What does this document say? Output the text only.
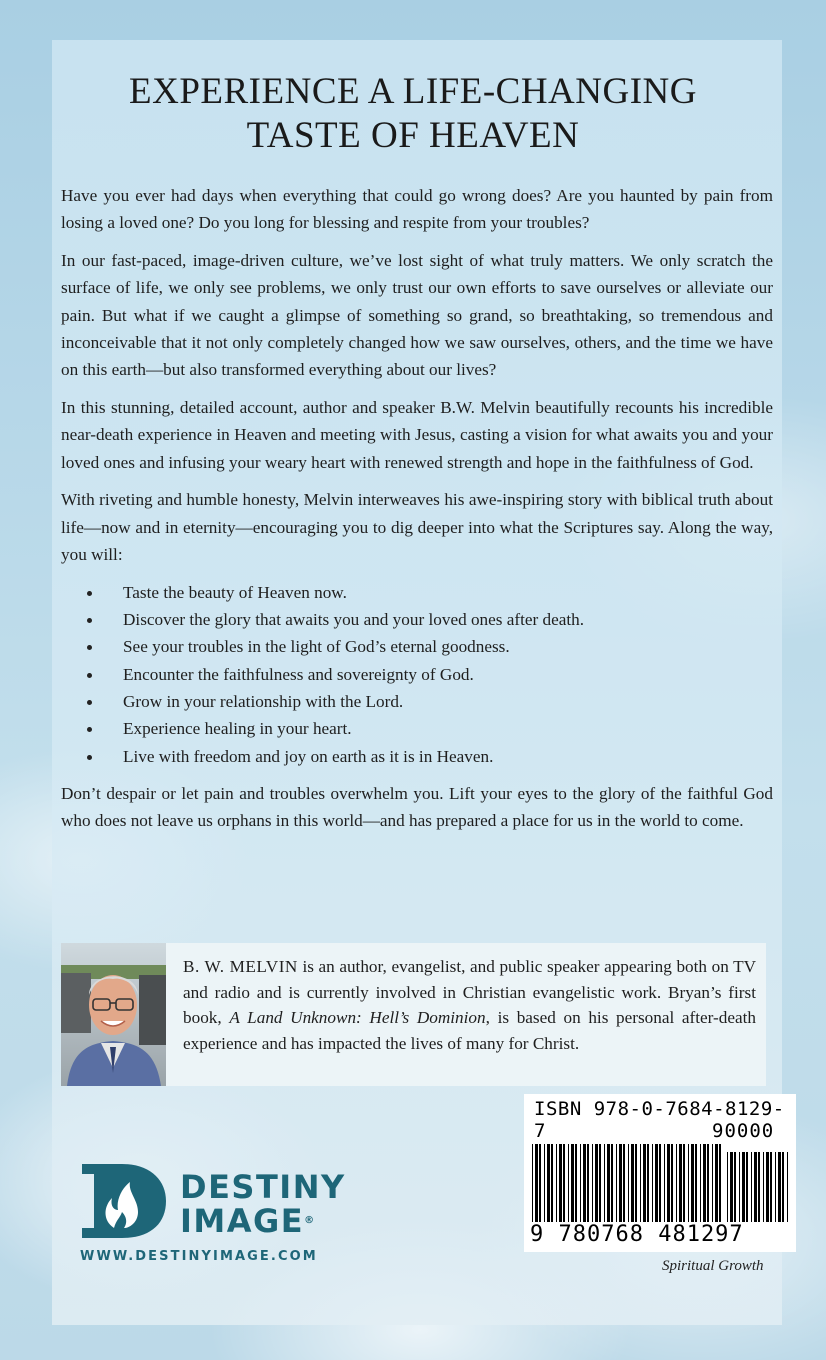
EXPERIENCE A LIFE-CHANGING
TASTE OF HEAVEN

Have you ever had days when everything that could go wrong does? Are you haunted by pain from losing a loved one? Do you long for blessing and respite from your troubles?

In our fast-paced, image-driven culture, we’ve lost sight of what truly matters. We only scratch the surface of life, we only see problems, we only trust our own efforts to save ourselves or alleviate our pain. But what if we caught a glimpse of something so grand, so breathtaking, so tremendous and inconceivable that it not only completely changed how we saw ourselves, others, and the time we have on this earth—but also transformed everything about our lives?

In this stunning, detailed account, author and speaker B.W. Melvin beautifully recounts his incredible near-death experience in Heaven and meeting with Jesus, casting a vision for what awaits you and your loved ones and infusing your weary heart with renewed strength and hope in the faithfulness of God.

With riveting and humble honesty, Melvin interweaves his awe-inspiring story with biblical truth about life—now and in eternity—encouraging you to dig deeper into what the Scriptures say. Along the way, you will:

Taste the beauty of Heaven now.
Discover the glory that awaits you and your loved ones after death.
See your troubles in the light of God’s eternal goodness.
Encounter the faithfulness and sovereignty of God.
Grow in your relationship with the Lord.
Experience healing in your heart.
Live with freedom and joy on earth as it is in Heaven.

Don’t despair or let pain and troubles overwhelm you. Lift your eyes to the glory of the faithful God who does not leave us orphans in this world—and has prepared a place for us in the world to come.

B. W. MELVIN is an author, evangelist, and public speaker appearing both on TV and radio and is currently involved in Christian evangelistic work. Bryan’s first book, A Land Unknown: Hell’s Dominion, is based on his personal after-death experience and has impacted the lives of many for Christ.

DESTINY
IMAGE®
WWW.DESTINYIMAGE.COM
ISBN 978-0-7684-8129-7	90000
9 780768 481297
Spiritual Growth
